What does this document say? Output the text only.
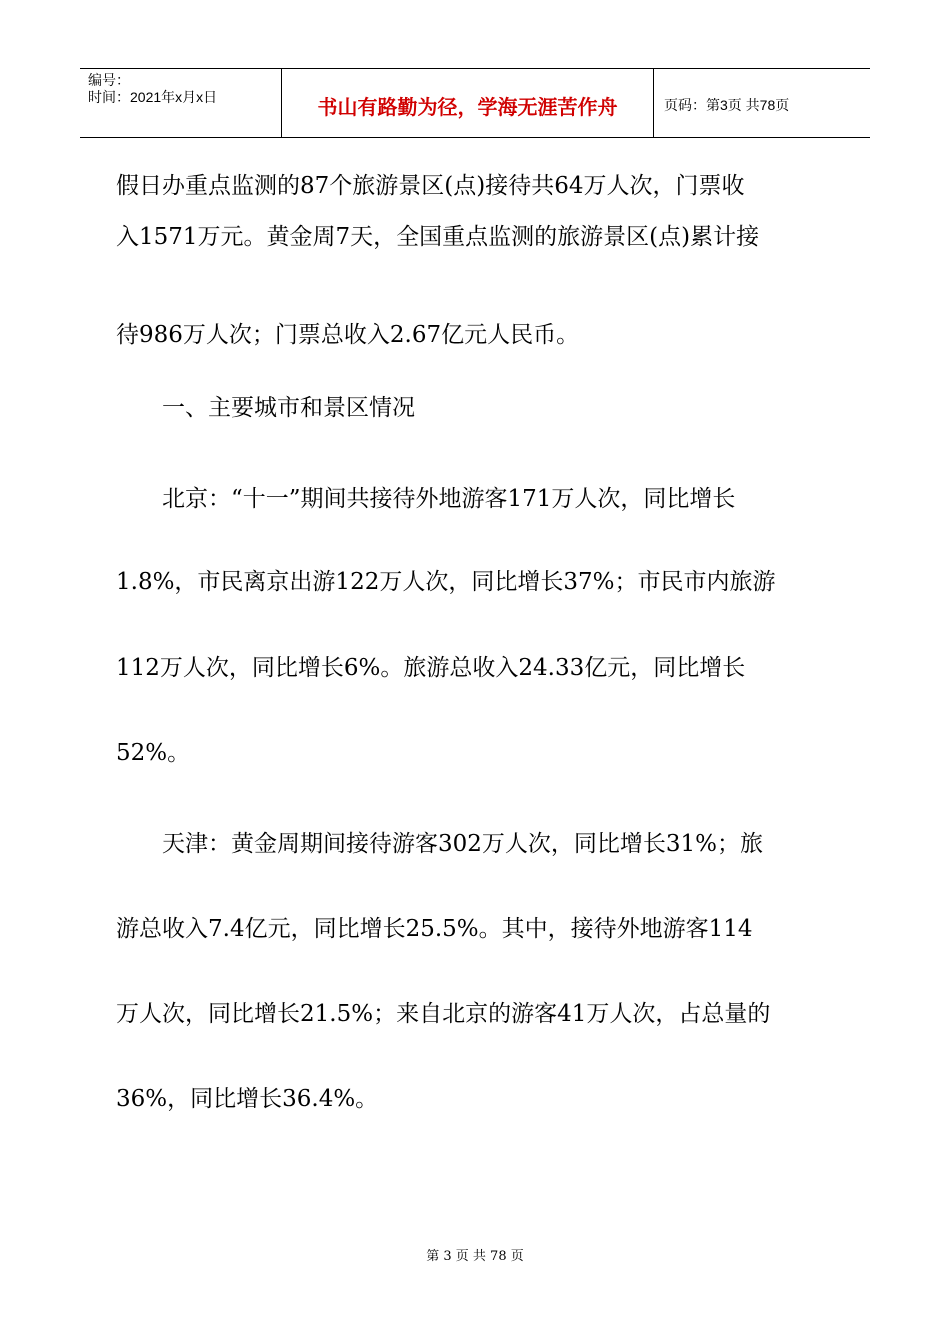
编号：
时间：2021年x月x日	书山有路勤为径，学海无涯苦作舟	页码：第3页 共78页
假日办重点监测的87个旅游景区(点)接待共64万人次，门票收
入1571万元。黄金周7天，全国重点监测的旅游景区(点)累计接
待986万人次；门票总收入2.67亿元人民币。
一、主要城市和景区情况
北京：“十一”期间共接待外地游客171万人次，同比增长
1.8%，市民离京出游122万人次，同比增长37%；市民市内旅游
112万人次，同比增长6%。旅游总收入24.33亿元，同比增长
52%。
天津：黄金周期间接待游客302万人次，同比增长31%；旅
游总收入7.4亿元，同比增长25.5%。其中，接待外地游客114
万人次，同比增长21.5%；来自北京的游客41万人次，占总量的
36%，同比增长36.4%。
第 3 页 共 78 页
